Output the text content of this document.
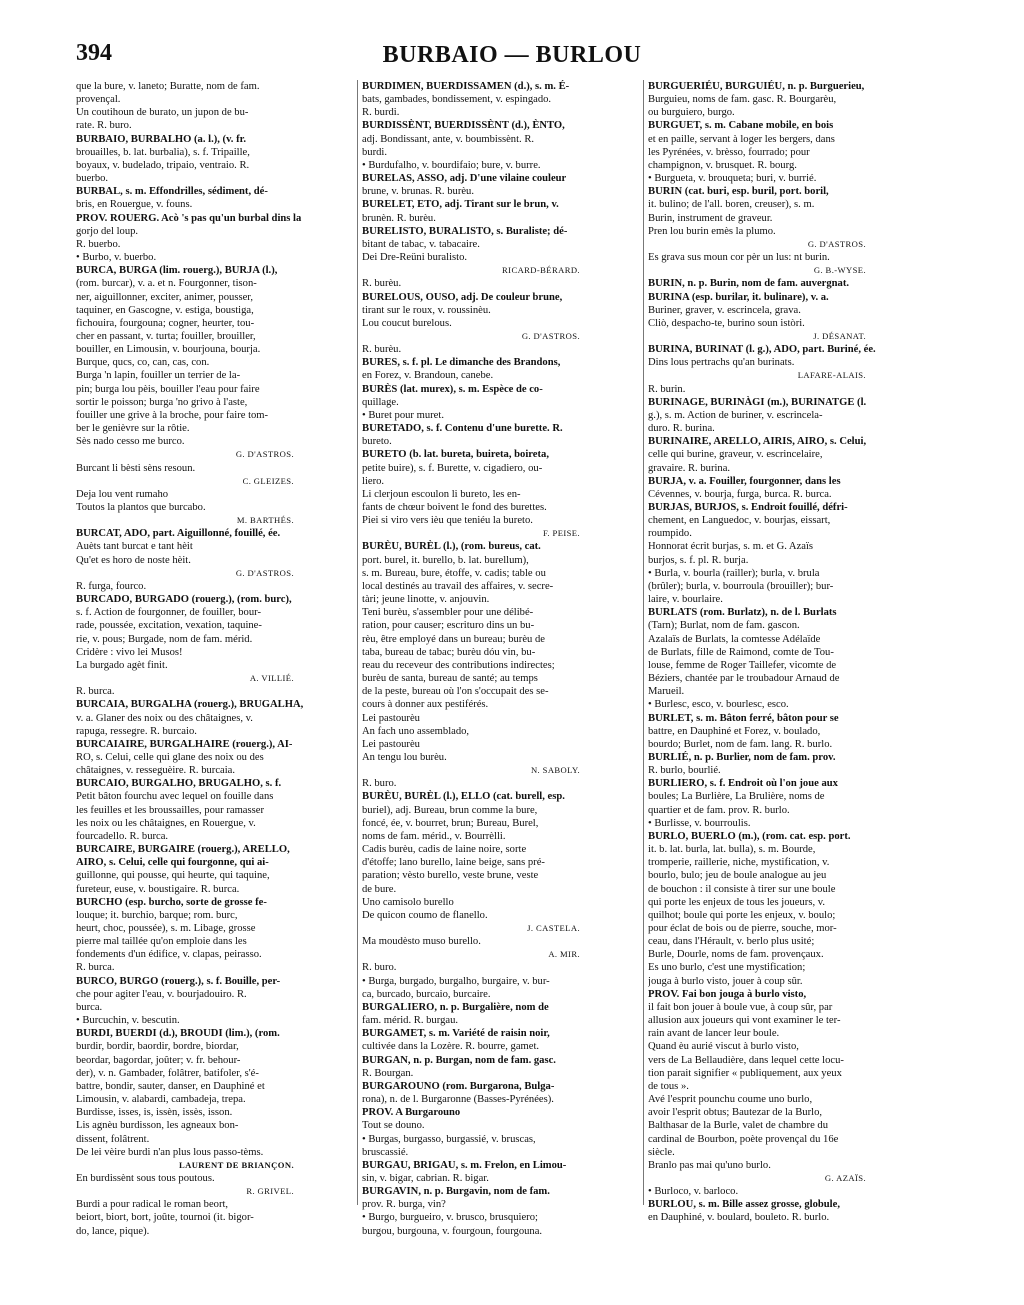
394	BURBAIO — BURLOU
que la bure, v. laneto; Buratte, nom de fam.
provençal.
Un coutihoun de burato, un jupon de bu-
rate. R. buro.
BURBAIO, BURBALHO (a. l.), (v. fr.
brouailles, b. lat. burbalia), s. f. Tripaille,
boyaux, v. budelado, tripaio, ventraio. R.
buerbo.
BURBAL, s. m. Effondrilles, sédiment, dé-
bris, en Rouergue, v. founs.
PROV. ROUERG. Acò 's pas qu'un burbal dins la
gorjo del loup.
R. buerbo.
• Burbo, v. buerbo.
BURCA, BURGA (lim. rouerg.), BURJA (l.),
(rom. burcar), v. a. et n. Fourgonner, tison-
ner, aiguillonner, exciter, animer, pousser,
taquiner, en Gascogne, v. estiga, boustiga,
fichouira, fourgouna; cogner, heurter, tou-
cher en passant, v. turta; fouiller, brouiller,
bouiller, en Limousin, v. bourjouna, bourja.
Burque, qucs, co, can, cas, con.
Burga 'n lapin, fouiller un terrier de la-
pin; burga lou pèis, bouiller l'eau pour faire
sortir le poisson; burga 'no grivo à l'aste,
fouiller une grive à la broche, pour faire tom-
ber le genièvre sur la rôtie.
Sès nado cesso me burco.
G. D'ASTROS.
Burcant li bèsti sèns resoun.
C. GLEIZES.
Deja lou vent rumaho
Toutos la plantos que burcabo.
M. BARTHÉS.
BURCAT, ADO, part. Aiguillonné, fouillé, ée.
Auèts tant burcat e tant hèit
Qu'et es horo de noste hèit.
G. D'ASTROS.
R. furga, fourco.
BURCADO, BURGADO (rouerg.), (rom. burc),
s. f. Action de fourgonner, de fouiller, bour-
rade, poussée, excitation, vexation, taquine-
rie, v. pous; Burgade, nom de fam. mérid.
Cridère : vivo lei Musos!
La burgado agèt finit.
A. VILLIÉ.
R. burca.
BURCAIA, BURGALHA (rouerg.), BRUGALHA,
v. a. Glaner des noix ou des châtaignes, v.
rapuga, ressegre. R. burcaio.
BURCAIAIRE, BURGALHAIRE (rouerg.), AI-
RO, s. Celui, celle qui glane des noix ou des
châtaignes, v. resseguèire. R. burcaia.
BURCAIO, BURGALHO, BRUGALHO, s. f.
Petit bâton fourchu avec lequel on fouille dans
les feuilles et les broussailles, pour ramasser
les noix ou les châtaignes, en Rouergue, v.
fourcadello. R. burca.
BURCAIRE, BURGAIRE (rouerg.), ARELLO,
AIRO, s. Celui, celle qui fourgonne, qui ai-
guillonne, qui pousse, qui heurte, qui taquine,
fureteur, euse, v. boustigaire. R. burca.
BURCHO (esp. burcho, sorte de grosse fe-
louque; it. burchio, barque; rom. burc,
heurt, choc, poussée), s. m. Libage, grosse
pierre mal taillée qu'on emploie dans les
fondements d'un édifice, v. clapas, peirasso.
R. burca.
BURCO, BURGO (rouerg.), s. f. Bouille, per-
che pour agiter l'eau, v. bourjadouiro. R.
burca.
• Burcuchin, v. bescutin.
BURDI, BUERDI (d.), BROUDI (lim.), (rom.
burdir, bordir, baordir, bordre, biordar,
beordar, bagordar, joûter; v. fr. behour-
der), v. n. Gambader, folâtrer, batifoler, s'é-
battre, bondir, sauter, danser, en Dauphiné et
Limousin, v. alabardi, cambadeja, trepa.
Burdisse, isses, is, issèn, issès, isson.
Lis agnèu burdisson, les agneaux bon-
dissent, folâtrent.
De lei vèire burdi n'an plus lous passo-tèms.
LAURENT DE BRIANÇON.
En burdissènt sous tous poutous.
R. GRIVEL.
Burdi a pour radical le roman beort,
beiort, biort, bort, joûte, tournoi (it. bigor-
do, lance, pique).
BURDIMEN, BUERDISSAMEN (d.), s. m. É-
bats, gambades, bondissement, v. espingado.
R. burdi.
BURDISSÈNT, BUERDISSÈNT (d.), ÈNTO,
adj. Bondissant, ante, v. boumbissènt. R.
burdi.
• Burdufalho, v. bourdifaio; bure, v. burre.
BURELAS, ASSO, adj. D'une vilaine couleur
brune, v. brunas. R. burèu.
BURELET, ETO, adj. Tirant sur le brun, v.
brunèn. R. burèu.
BURELISTO, BURALISTO, s. Buraliste; dé-
bitant de tabac, v. tabacaire.
Dei Dre-Reüni buralisto.
RICARD-BÉRARD.
R. burèu.
BURELOUS, OUSO, adj. De couleur brune,
tirant sur le roux, v. roussinèu.
Lou coucut burelous.
G. D'ASTROS.
R. burèu.
BURES, s. f. pl. Le dimanche des Brandons,
en Forez, v. Brandoun, canebe.
BURÈS (lat. murex), s. m. Espèce de co-
quillage.
• Buret pour muret.
BURETADO, s. f. Contenu d'une burette. R.
bureto.
BURETO (b. lat. bureta, buireta, boireta,
petite buire), s. f. Burette, v. cigadiero, ou-
liero.
Li clerjoun escoulon li bureto, les en-
fants de chœur boivent le fond des burettes.
Piei si viro vers ièu que teniéu la bureto.
F. PEISE.
BURÈU, BURÈL (l.), (rom. bureus, cat.
port. burel, it. burello, b. lat. burellum),
s. m. Bureau, bure, étoffe, v. cadis; table ou
local destinés au travail des affaires, v. secre-
tàri; jeune linotte, v. anjouvin.
Teni burèu, s'assembler pour une délibé-
ration, pour causer; escrituro dins un bu-
rèu, être employé dans un bureau; burèu de
taba, bureau de tabac; burèu dóu vin, bu-
reau du receveur des contributions indirectes;
burèu de santa, bureau de santé; au temps
de la peste, bureau où l'on s'occupait des se-
cours à donner aux pestiférés.
Lei pastourèu
An fach uno assemblado,
Lei pastourèu
An tengu lou burèu.
N. SABOLY.
R. buro.
BURÈU, BURÈL (l.), ELLO (cat. burell, esp.
buriel), adj. Bureau, brun comme la bure,
foncé, ée, v. bourret, brun; Bureau, Burel,
noms de fam. mérid., v. Bourrèlli.
Cadis burèu, cadis de laine noire, sorte
d'étoffe; lano burello, laine beige, sans pré-
paration; vèsto burello, veste brune, veste
de bure.
Uno camisolo burello
De quicon coumo de flanello.
J. CASTELA.
Ma moudèsto muso burello.
A. MIR.
R. buro.
• Burga, burgado, burgalho, burgaire, v. bur-
ca, burcado, burcaio, burcaire.
BURGALIERO, n. p. Burgalière, nom de
fam. mérid. R. burgau.
BURGAMET, s. m. Variété de raisin noir,
cultivée dans la Lozère. R. bourre, gamet.
BURGAN, n. p. Burgan, nom de fam. gasc.
R. Bourgan.
BURGAROUNO (rom. Burgarona, Bulga-
rona), n. de l. Burgaronne (Basses-Pyrénées).
PROV. A Burgarouno
Tout se douno.
• Burgas, burgasso, burgassié, v. bruscas,
bruscassié.
BURGAU, BRIGAU, s. m. Frelon, en Limou-
sin, v. bigar, cabrian. R. bigar.
BURGAVIN, n. p. Burgavin, nom de fam.
prov. R. burga, vin?
• Burgo, burgueiro, v. brusco, brusquiero;
burgou, burgouna, v. fourgoun, fourgouna.
BURGUERIÉU, BURGUIÉU, n. p. Burguerieu,
Burguieu, noms de fam. gasc. R. Bourgarèu,
ou burguiero, burgo.
BURGUET, s. m. Cabane mobile, en bois
et en paille, servant à loger les bergers, dans
les Pyrénées, v. brèsso, fourrado; pour
champignon, v. brusquet. R. bourg.
• Burgueta, v. brouqueta; buri, v. burrié.
BURIN (cat. buri, esp. buril, port. boril,
it. bulino; de l'all. boren, creuser), s. m.
Burin, instrument de graveur.
Pren lou burin emès la plumo.
G. D'ASTROS.
Es grava sus moun cor pèr un lus: nt burin.
G. B.-WYSE.
BURIN, n. p. Burin, nom de fam. auvergnat.
BURINA (esp. burilar, it. bulinare), v. a.
Buriner, graver, v. escrincela, grava.
Cliò, despacho-te, burino soun istòri.
J. DÉSANAT.
BURINA, BURINAT (l. g.), ADO, part. Buriné, ée.
Dins lous pertrachs qu'an burinats.
LAFARE-ALAIS.
R. burin.
BURINAGE, BURINÀGI (m.), BURINATGE (l.
g.), s. m. Action de buriner, v. escrincela-
duro. R. burina.
BURINAIRE, ARELLO, AIRIS, AIRO, s. Celui,
celle qui burine, graveur, v. escrincelaire,
gravaire. R. burina.
BURJA, v. a. Fouiller, fourgonner, dans les
Cévennes, v. bourja, furga, burca. R. burca.
BURJAS, BURJOS, s. Endroit fouillé, défri-
chement, en Languedoc, v. bourjas, eissart,
roumpido.
Honnorat écrit burjas, s. m. et G. Azaïs
burjos, s. f. pl. R. burja.
• Burla, v. bourla (railler); burla, v. brula
(brûler); burla, v. bourroula (brouiller); bur-
laire, v. bourlaire.
BURLATS (rom. Burlatz), n. de l. Burlats
(Tarn); Burlat, nom de fam. gascon.
Azalaïs de Burlats, la comtesse Adélaïde
de Burlats, fille de Raimond, comte de Tou-
louse, femme de Roger Taillefer, vicomte de
Béziers, chantée par le troubadour Arnaud de
Marueil.
• Burlesc, esco, v. bourlesc, esco.
BURLET, s. m. Bâton ferré, bâton pour se
battre, en Dauphiné et Forez, v. boulado,
bourdo; Burlet, nom de fam. lang. R. burlo.
BURLIÉ, n. p. Burlier, nom de fam. prov.
R. burlo, bourlié.
BURLIERO, s. f. Endroit où l'on joue aux
boules; La Burlière, La Brulière, noms de
quartier et de fam. prov. R. burlo.
• Burlisse, v. bourroulis.
BURLO, BUERLO (m.), (rom. cat. esp. port.
it. b. lat. burla, lat. bulla), s. m. Bourde,
tromperie, raillerie, niche, mystification, v.
bourlo, bulo; jeu de boule analogue au jeu
de bouchon : il consiste à tirer sur une boule
qui porte les enjeux de tous les joueurs, v.
quilhot; boule qui porte les enjeux, v. boulo;
pour éclat de bois ou de pierre, souche, mor-
ceau, dans l'Hérault, v. berlo plus usité;
Burle, Dourle, noms de fam. provençaux.
Es uno burlo, c'est une mystification;
jouga à burlo visto, jouer à coup sûr.
PROV. Fai bon jouga à burlo visto,
il fait bon jouer à boule vue, à coup sûr, par
allusion aux joueurs qui vont examiner le ter-
rain avant de lancer leur boule.
Quand èu aurié viscut à burlo visto,
vers de La Bellaudière, dans lequel cette locu-
tion parait signifier « publiquement, aux yeux
de tous ».
Avé l'esprit pounchu coume uno burlo,
avoir l'esprit obtus; Bautezar de la Burlo,
Balthasar de la Burle, valet de chambre du
cardinal de Bourbon, poète provençal du 16e
siècle.
Branlo pas mai qu'uno burlo.
G. AZAÏS.
• Burloco, v. barloco.
BURLOU, s. m. Bille assez grosse, globule,
en Dauphiné, v. boulard, bouleto. R. burlo.
